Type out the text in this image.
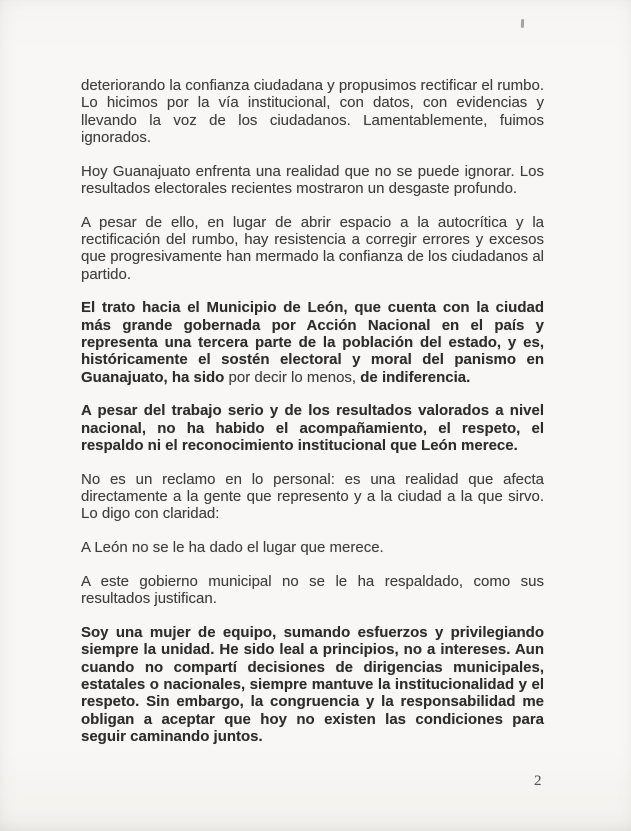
deteriorando la confianza ciudadana y propusimos rectificar el rumbo. Lo hicimos por la vía institucional, con datos, con evidencias y llevando la voz de los ciudadanos. Lamentablemente, fuimos ignorados.

Hoy Guanajuato enfrenta una realidad que no se puede ignorar. Los resultados electorales recientes mostraron un desgaste profundo.

A pesar de ello, en lugar de abrir espacio a la autocrítica y la rectificación del rumbo, hay resistencia a corregir errores y excesos que progresivamente han mermado la confianza de los ciudadanos al partido.

El trato hacia el Municipio de León, que cuenta con la ciudad más grande gobernada por Acción Nacional en el país y representa una tercera parte de la población del estado, y es, históricamente el sostén electoral y moral del panismo en Guanajuato, ha sido por decir lo menos, de indiferencia.

A pesar del trabajo serio y de los resultados valorados a nivel nacional, no ha habido el acompañamiento, el respeto, el respaldo ni el reconocimiento institucional que León merece.

No es un reclamo en lo personal: es una realidad que afecta directamente a la gente que represento y a la ciudad a la que sirvo. Lo digo con claridad:

A León no se le ha dado el lugar que merece.

A este gobierno municipal no se le ha respaldado, como sus resultados justifican.

Soy una mujer de equipo, sumando esfuerzos y privilegiando siempre la unidad. He sido leal a principios, no a intereses. Aun cuando no compartí decisiones de dirigencias municipales, estatales o nacionales, siempre mantuve la institucionalidad y el respeto. Sin embargo, la congruencia y la responsabilidad me obligan a aceptar que hoy no existen las condiciones para seguir caminando juntos.

2
